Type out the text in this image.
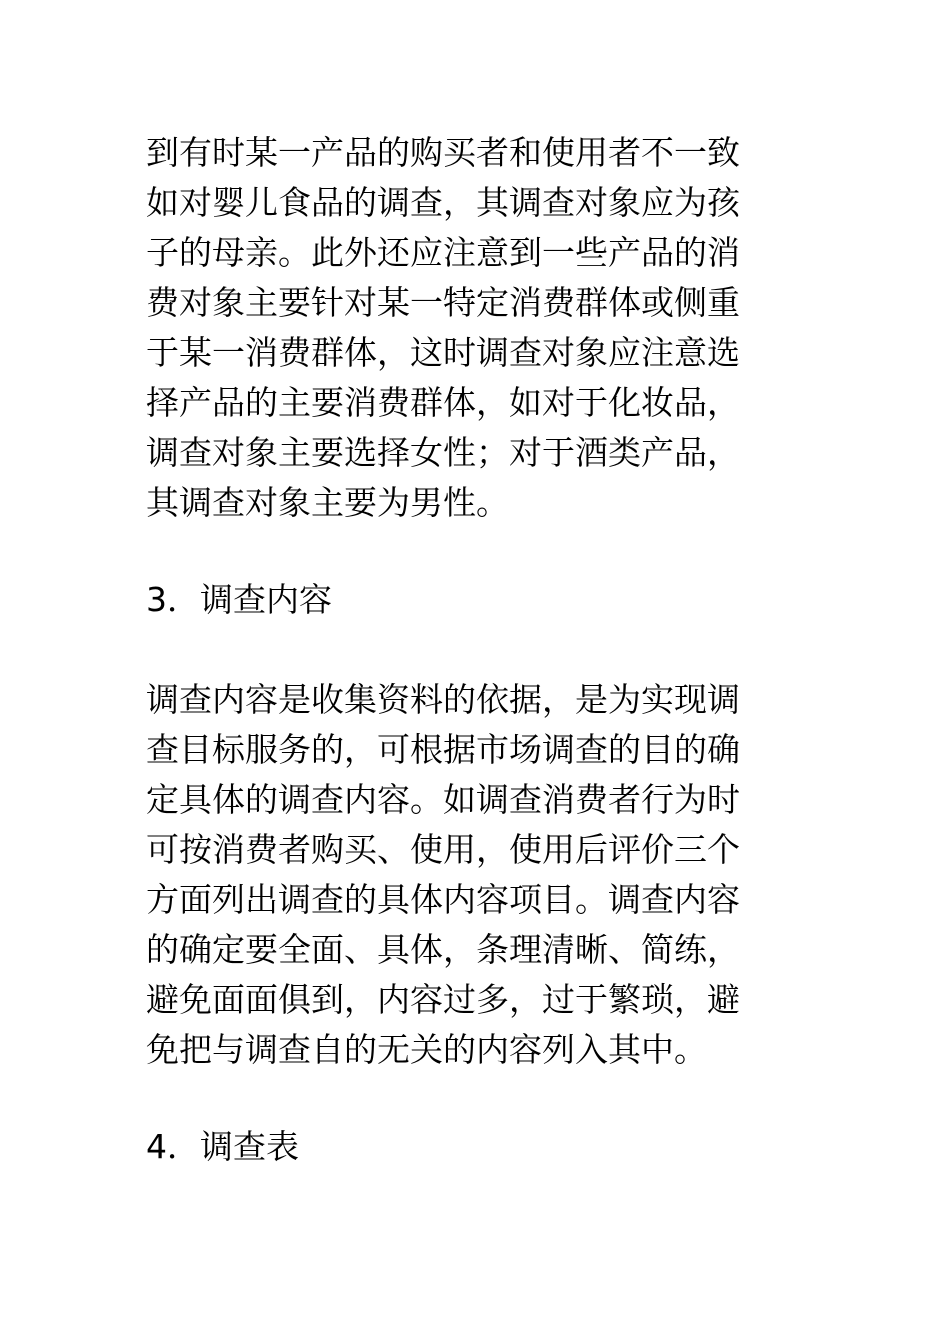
到有时某一产品的购买者和使用者不一致
如对婴儿食品的调查，其调查对象应为孩
子的母亲。此外还应注意到一些产品的消
费对象主要针对某一特定消费群体或侧重
于某一消费群体，这时调查对象应注意选
择产品的主要消费群体，如对于化妆品，
调查对象主要选择女性；对于酒类产品，
其调查对象主要为男性。
3．调查内容
调查内容是收集资料的依据，是为实现调
查目标服务的，可根据市场调查的目的确
定具体的调查内容。如调查消费者行为时
可按消费者购买、使用，使用后评价三个
方面列出调查的具体内容项目。调查内容
的确定要全面、具体，条理清晰、简练，
避免面面俱到，内容过多，过于繁琐，避
免把与调查自的无关的内容列入其中。
4．调查表
